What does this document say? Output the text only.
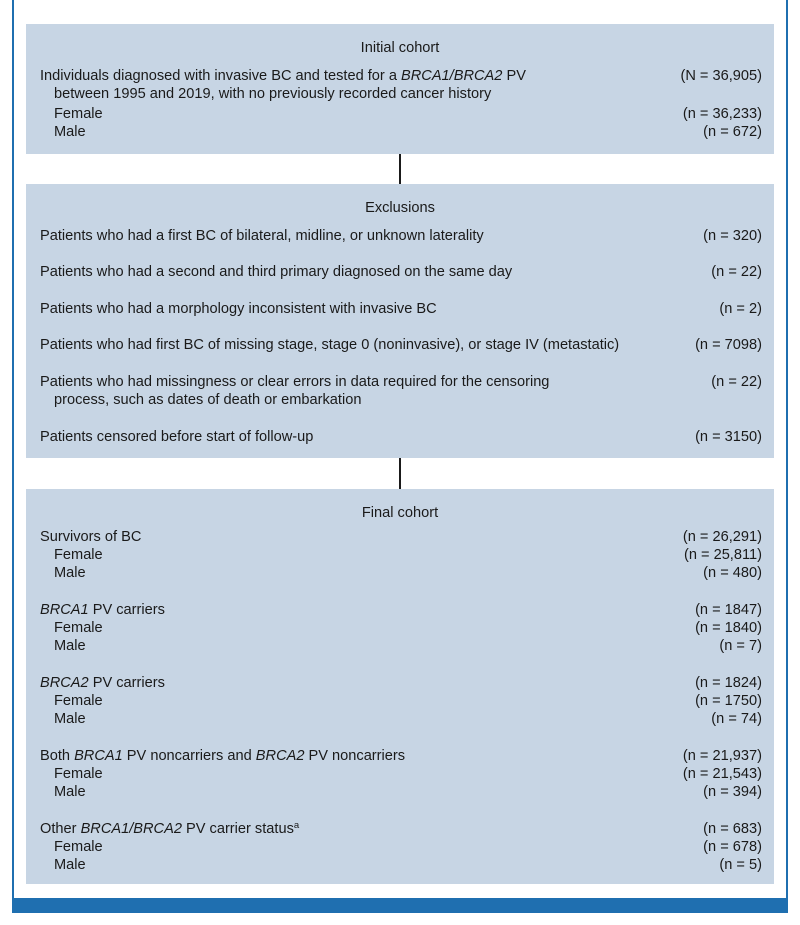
Initial cohort
Individuals diagnosed with invasive BC and tested for a BRCA1/BRCA2 PV
between 1995 and 2019, with no previously recorded cancer history
(N = 36,905)
Female	(n = 36,233)
Male	(n = 672)
Exclusions
Patients who had a first BC of bilateral, midline, or unknown laterality	(n = 320)
Patients who had a second and third primary diagnosed on the same day	(n = 22)
Patients who had a morphology inconsistent with invasive BC	(n = 2)
Patients who had first BC of missing stage, stage 0 (noninvasive), or stage IV (metastatic)	(n = 7098)
Patients who had missingness or clear errors in data required for the censoring
process, such as dates of death or embarkation
(n = 22)
Patients censored before start of follow-up	(n = 3150)
Final cohort
Survivors of BC	(n = 26,291)
Female	(n = 25,811)
Male	(n = 480)
BRCA1 PV carriers	(n = 1847)
Female	(n = 1840)
Male	(n = 7)
BRCA2 PV carriers	(n = 1824)
Female	(n = 1750)
Male	(n = 74)
Both BRCA1 PV noncarriers and BRCA2 PV noncarriers	(n = 21,937)
Female	(n = 21,543)
Male	(n = 394)
Other BRCA1/BRCA2 PV carrier status$^a$	(n = 683)
Female	(n = 678)
Male	(n = 5)
